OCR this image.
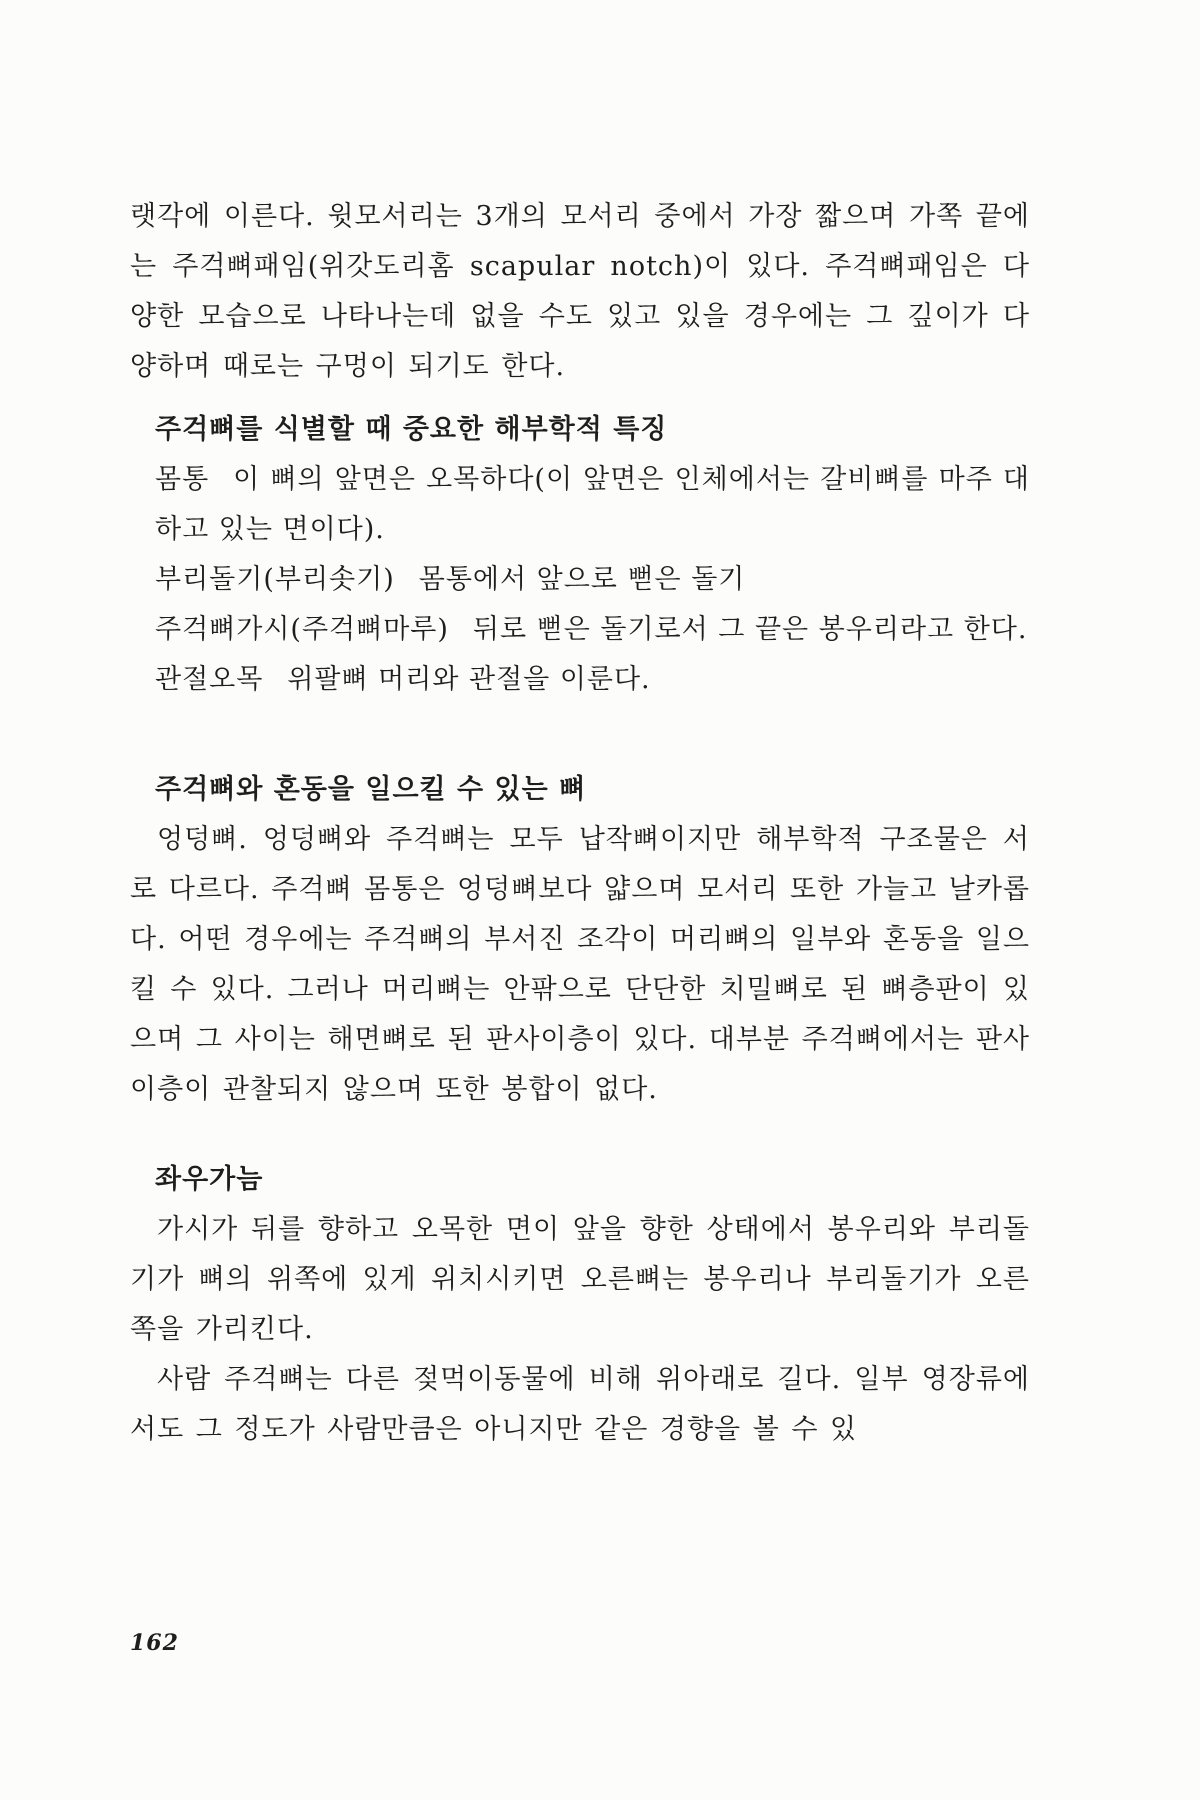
랫각에 이른다. 윗모서리는 3개의 모서리 중에서 가장 짧으며 가쪽 끝에는 주걱뼈패임(위갓도리홈 scapular notch)이 있다. 주걱뼈패임은 다양한 모습으로 나타나는데 없을 수도 있고 있을 경우에는 그 깊이가 다양하며 때로는 구멍이 되기도 한다.

주걱뼈를 식별할 때 중요한 해부학적 특징

몸통 이 뼈의 앞면은 오목하다(이 앞면은 인체에서는 갈비뼈를 마주 대하고 있는 면이다).

부리돌기(부리솟기) 몸통에서 앞으로 뻗은 돌기

주걱뼈가시(주걱뼈마루) 뒤로 뻗은 돌기로서 그 끝은 봉우리라고 한다.

관절오목 위팔뼈 머리와 관절을 이룬다.

주걱뼈와 혼동을 일으킬 수 있는 뼈

엉덩뼈. 엉덩뼈와 주걱뼈는 모두 납작뼈이지만 해부학적 구조물은 서로 다르다. 주걱뼈 몸통은 엉덩뼈보다 얇으며 모서리 또한 가늘고 날카롭다. 어떤 경우에는 주걱뼈의 부서진 조각이 머리뼈의 일부와 혼동을 일으킬 수 있다. 그러나 머리뼈는 안팎으로 단단한 치밀뼈로 된 뼈층판이 있으며 그 사이는 해면뼈로 된 판사이층이 있다. 대부분 주걱뼈에서는 판사이층이 관찰되지 않으며 또한 봉합이 없다.

좌우가늠

가시가 뒤를 향하고 오목한 면이 앞을 향한 상태에서 봉우리와 부리돌기가 뼈의 위쪽에 있게 위치시키면 오른뼈는 봉우리나 부리돌기가 오른쪽을 가리킨다.

사람 주걱뼈는 다른 젖먹이동물에 비해 위아래로 길다. 일부 영장류에서도 그 정도가 사람만큼은 아니지만 같은 경향을 볼 수 있

162
